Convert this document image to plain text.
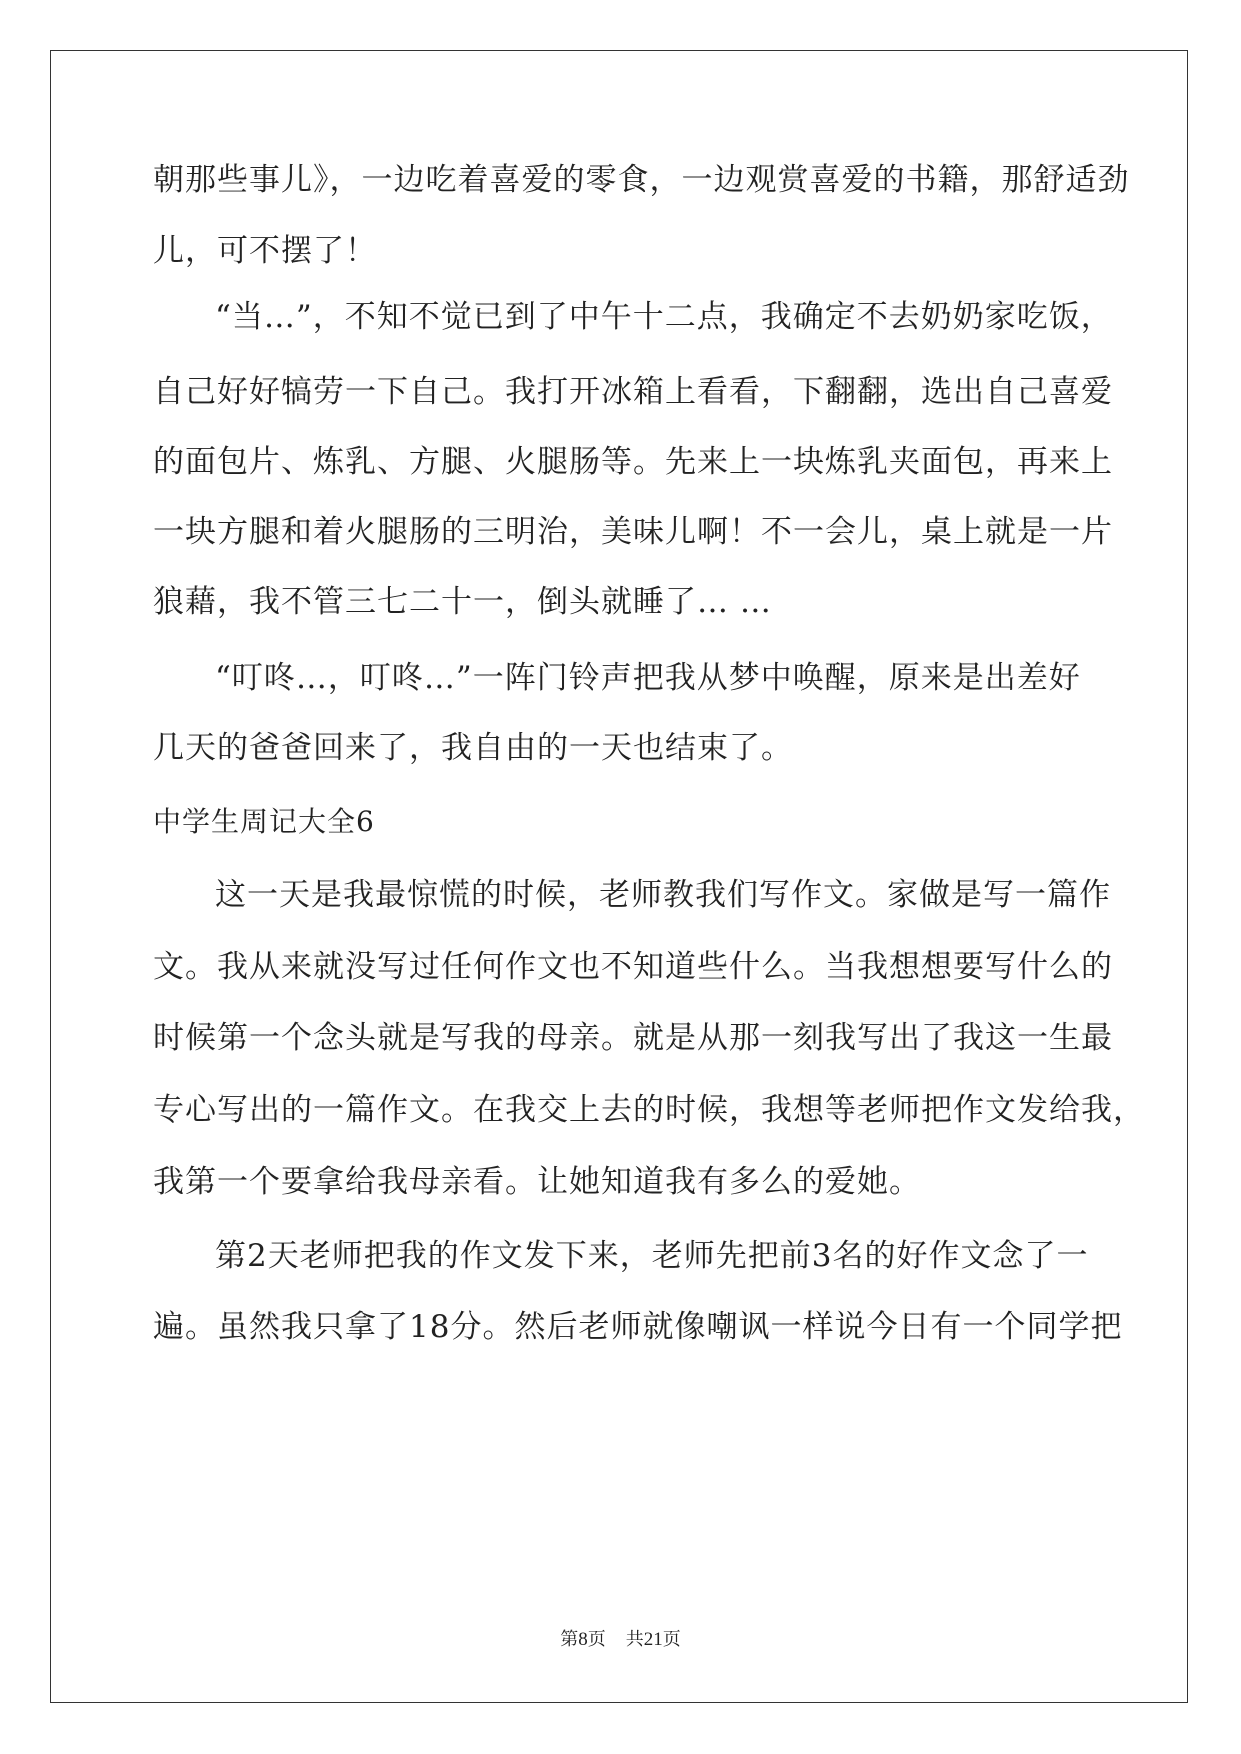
朝那些事儿》，一边吃着喜爱的零食，一边观赏喜爱的书籍，那舒适劲
儿，可不摆了！
“当…”，不知不觉已到了中午十二点，我确定不去奶奶家吃饭，
自己好好犒劳一下自己。我打开冰箱上看看，下翻翻，选出自己喜爱
的面包片、炼乳、方腿、火腿肠等。先来上一块炼乳夹面包，再来上
一块方腿和着火腿肠的三明治，美味儿啊！不一会儿，桌上就是一片
狼藉，我不管三七二十一，倒头就睡了… …
“叮咚…，叮咚…”一阵门铃声把我从梦中唤醒，原来是出差好
几天的爸爸回来了，我自由的一天也结束了。
中学生周记大全6
这一天是我最惊慌的时候，老师教我们写作文。家做是写一篇作
文。我从来就没写过任何作文也不知道些什么。当我想想要写什么的
时候第一个念头就是写我的母亲。就是从那一刻我写出了我这一生最
专心写出的一篇作文。在我交上去的时候，我想等老师把作文发给我，
我第一个要拿给我母亲看。让她知道我有多么的爱她。
第2天老师把我的作文发下来，老师先把前3名的好作文念了一
遍。虽然我只拿了18分。然后老师就像嘲讽一样说今日有一个同学把
第8页 共21页
